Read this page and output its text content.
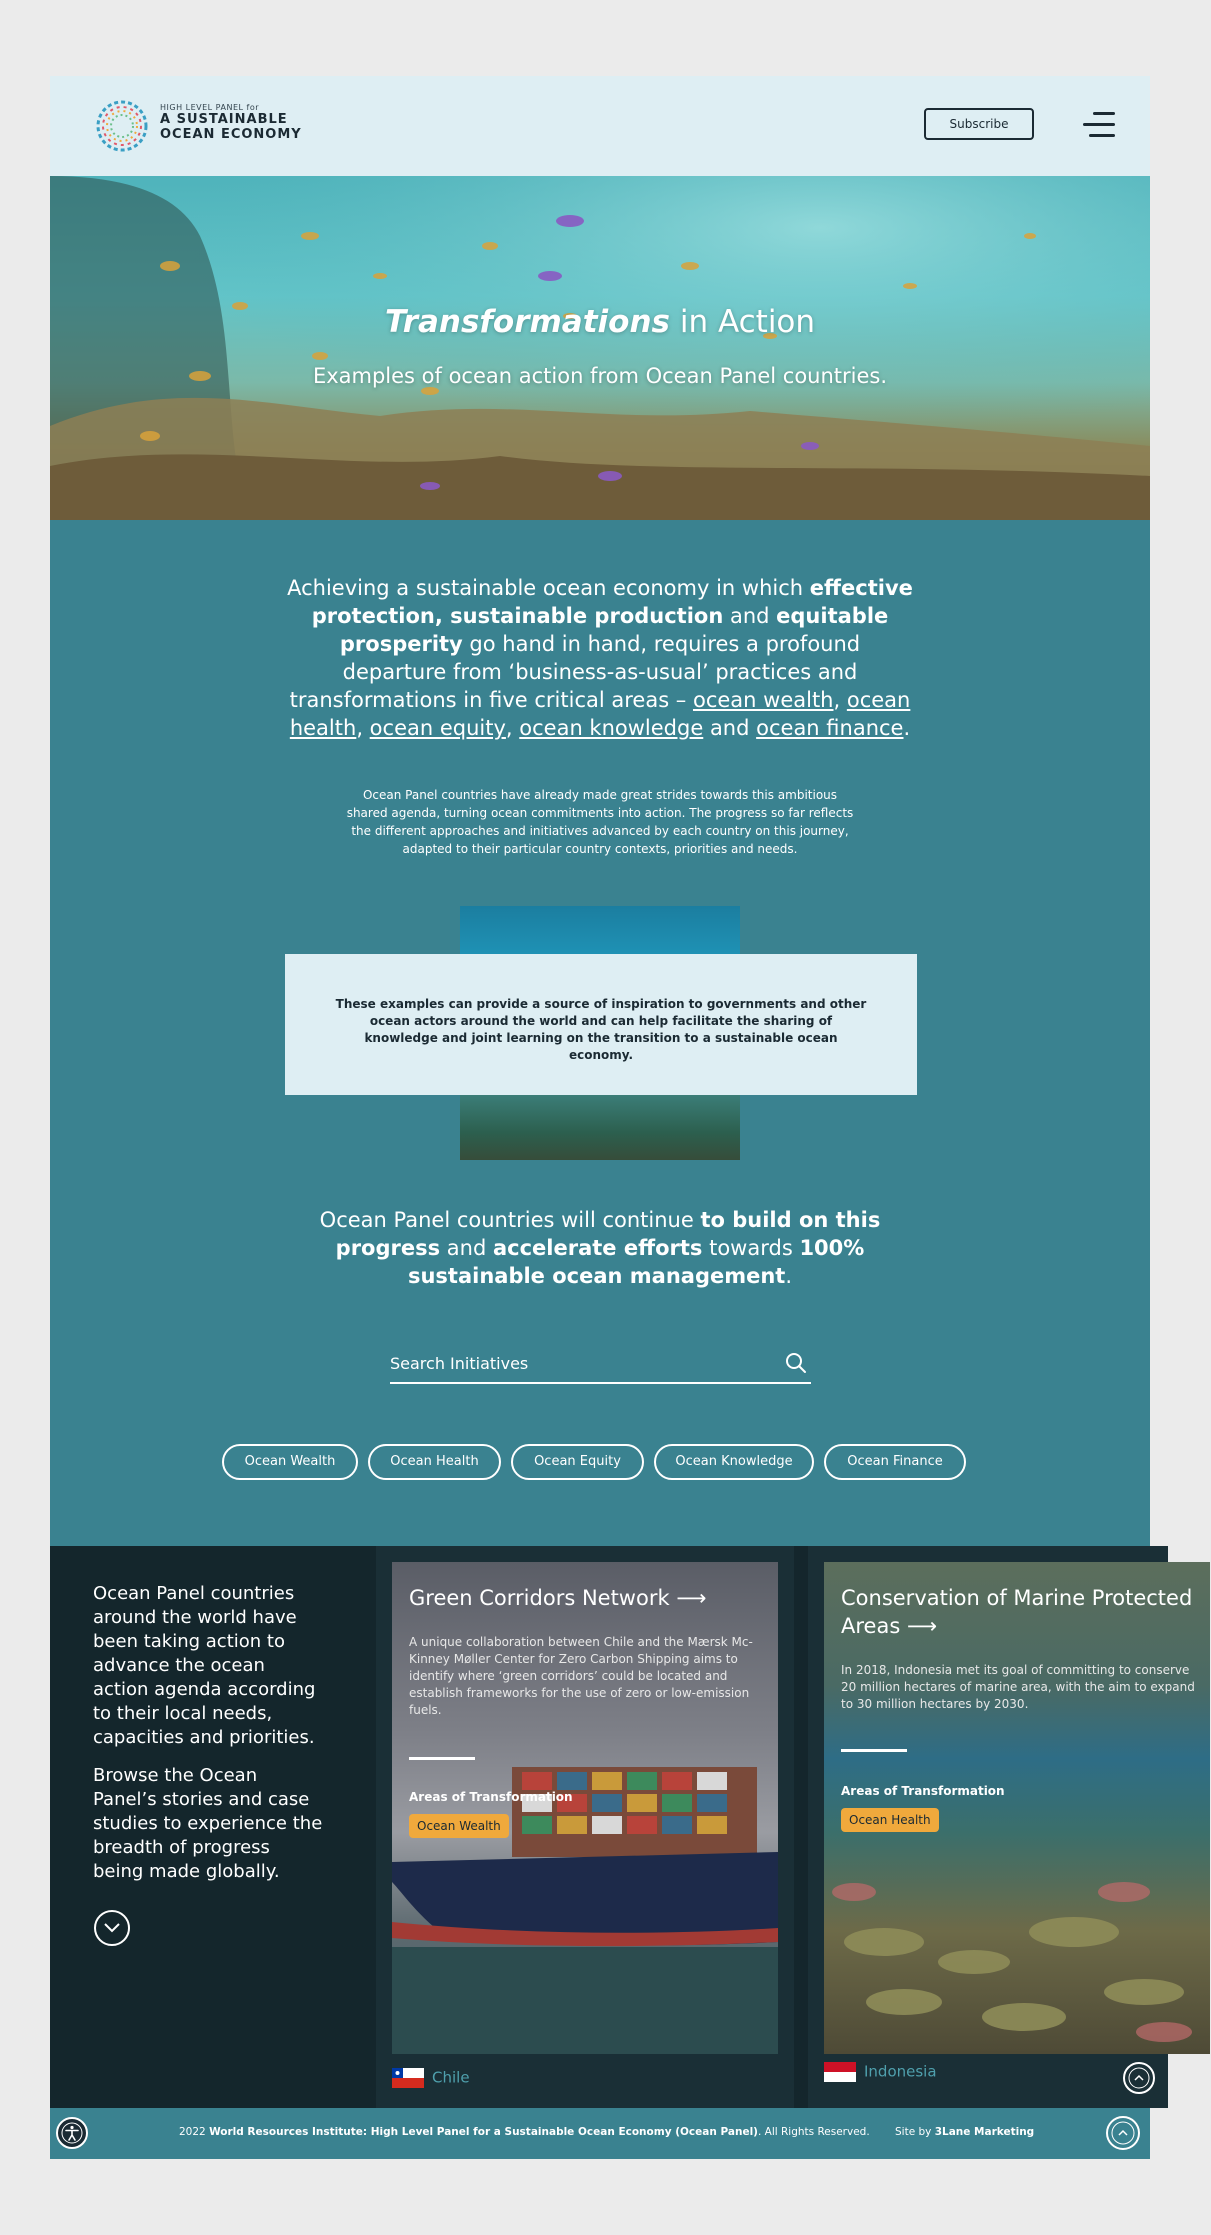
HIGH LEVEL PANEL for
A SUSTAINABLE
OCEAN ECONOMY
Subscribe
Transformations in Action
Examples of ocean action from Ocean Panel countries.
Achieving a sustainable ocean economy in which effective protection, sustainable production and equitable prosperity go hand in hand, requires a profound departure from ‘business-as-usual’ practices and transformations in five critical areas – ocean wealth, ocean health, ocean equity, ocean knowledge and ocean finance.
Ocean Panel countries have already made great strides towards this ambitious shared agenda, turning ocean commitments into action. The progress so far reflects the different approaches and initiatives advanced by each country on this journey, adapted to their particular country contexts, priorities and needs.

These examples can provide a source of inspiration to governments and other ocean actors around the world and can help facilitate the sharing of knowledge and joint learning on the transition to a sustainable ocean economy.

Ocean Panel countries will continue to build on this progress and accelerate efforts towards 100% sustainable ocean management.
Search Initiatives
Ocean Wealth	Ocean Health	Ocean Equity	Ocean Knowledge	Ocean Finance

Ocean Panel countries around the world have been taking action to advance the ocean action agenda according to their local needs, capacities and priorities.

Browse the Ocean Panel’s stories and case studies to experience the breadth of progress being made globally.

Green Corridors Network ⟶
A unique collaboration between Chile and the Mærsk Mc-Kinney Møller Center for Zero Carbon Shipping aims to identify where ‘green corridors’ could be located and establish frameworks for the use of zero or low-emission fuels.
Areas of Transformation
Ocean Wealth
Chile
Conservation of Marine Protected Areas ⟶
In 2018, Indonesia met its goal of committing to conserve 20 million hectares of marine area, with the aim to expand to 30 million hectares by 2030.
Areas of Transformation
Ocean Health
Indonesia
2022 World Resources Institute: High Level Panel for a Sustainable Ocean Economy (Ocean Panel). All Rights Reserved. Site by 3Lane Marketing
